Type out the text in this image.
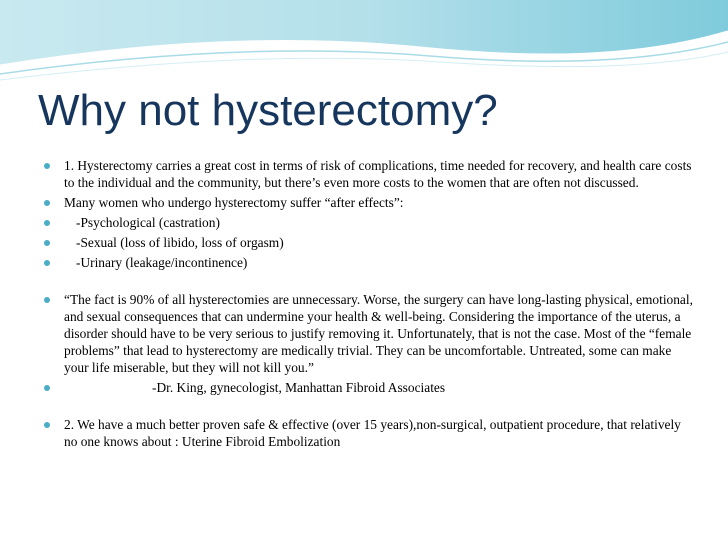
Why not hysterectomy?
1. Hysterectomy carries a great cost in terms of risk of complications, time needed for recovery, and health care costs to the individual and the community, but there’s even more costs to the women that are often not discussed.
Many women who undergo hysterectomy suffer “after effects”:
-Psychological (castration)
-Sexual (loss of libido, loss of orgasm)
-Urinary (leakage/incontinence)
“The fact is 90% of all hysterectomies are unnecessary. Worse, the surgery can have long-lasting physical, emotional, and sexual consequences that can undermine your health & well-being. Considering the importance of the uterus, a disorder should have to be very serious to justify removing it. Unfortunately, that is not the case. Most of the “female problems” that lead to hysterectomy are medically trivial. They can be uncomfortable. Untreated, some can make your life miserable, but they will not kill you.”
-Dr. King, gynecologist, Manhattan Fibroid Associates
2. We have a much better proven safe & effective (over 15 years),non-surgical, outpatient procedure, that relatively no one knows about : Uterine Fibroid Embolization
